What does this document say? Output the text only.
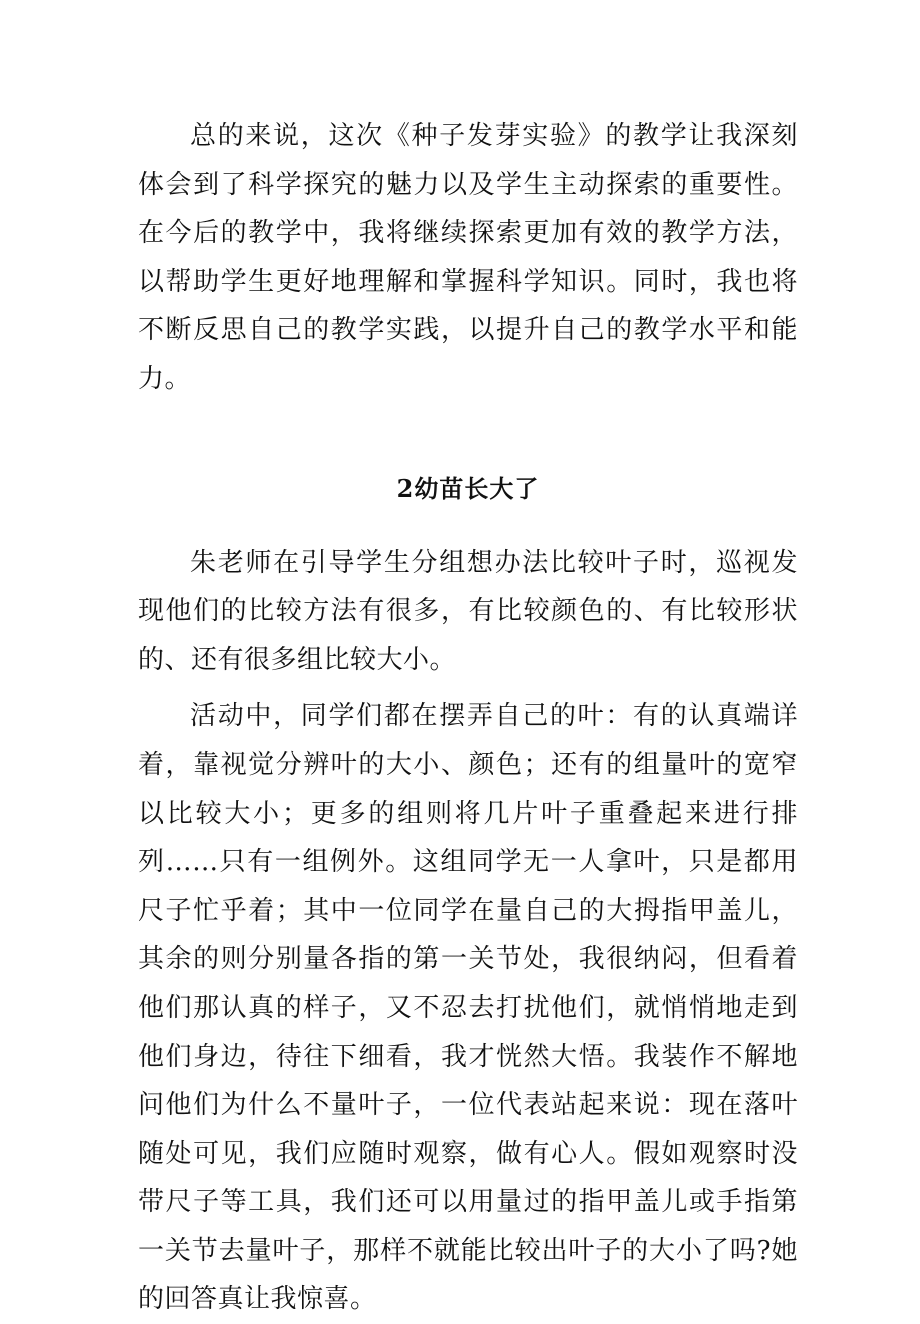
总的来说，这次《种子发芽实验》的教学让我深刻体会到了科学探究的魅力以及学生主动探索的重要性。在今后的教学中，我将继续探索更加有效的教学方法，以帮助学生更好地理解和掌握科学知识。同时，我也将不断反思自己的教学实践，以提升自己的教学水平和能力。

2幼苗长大了

朱老师在引导学生分组想办法比较叶子时，巡视发现他们的比较方法有很多，有比较颜色的、有比较形状的、还有很多组比较大小。

活动中，同学们都在摆弄自己的叶：有的认真端详着，靠视觉分辨叶的大小、颜色；还有的组量叶的宽窄以比较大小；更多的组则将几片叶子重叠起来进行排列……只有一组例外。这组同学无一人拿叶，只是都用尺子忙乎着；其中一位同学在量自己的大拇指甲盖儿，其余的则分别量各指的第一关节处，我很纳闷，但看着他们那认真的样子，又不忍去打扰他们，就悄悄地走到他们身边，待往下细看，我才恍然大悟。我装作不解地问他们为什么不量叶子，一位代表站起来说：现在落叶随处可见，我们应随时观察，做有心人。假如观察时没带尺子等工具，我们还可以用量过的指甲盖儿或手指第一关节去量叶子，那样不就能比较出叶子的大小了吗?她的回答真让我惊喜。
